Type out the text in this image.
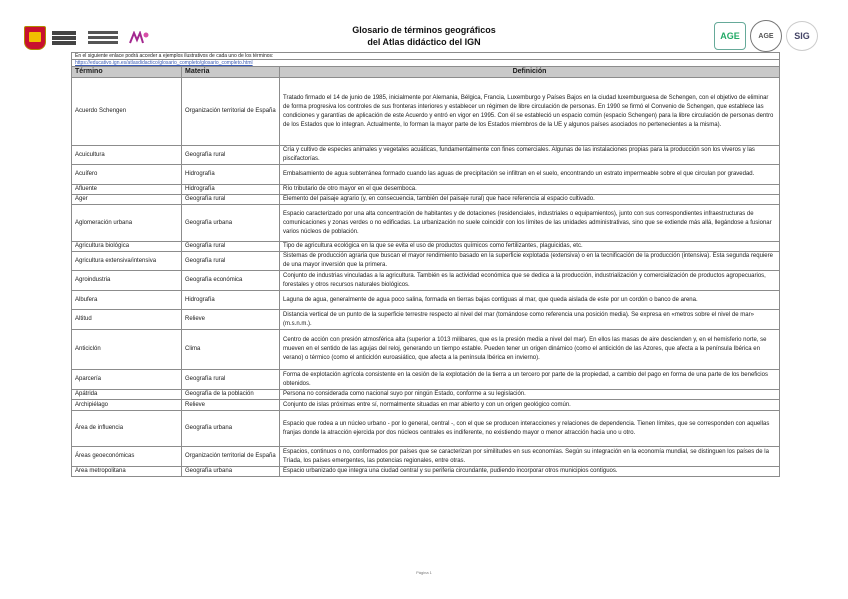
Glosario de términos geográficos
del Atlas didáctico del IGN
AGE	AGE	SIG
En el siguiente enlace podrá acceder a ejemplos ilustrativos de cada uno de los términos:		
https://educativo.ign.es/atlasdidactico/glosario_completo/glosario_completo.html		
Término	Materia	Definición
Acuerdo Schengen	Organización territorial de España	Tratado firmado el 14 de junio de 1985, inicialmente por Alemania, Bélgica, Francia, Luxemburgo y Países Bajos en la ciudad luxemburguesa de Schengen, con el objetivo de eliminar de forma progresiva los controles de sus fronteras interiores y establecer un régimen de libre circulación de personas. En 1990 se firmó el Convenio de Schengen, que establece las condiciones y garantías de aplicación de este Acuerdo y entró en vigor en 1995. Con él se estableció un espacio común (espacio Schengen) para la libre circulación de personas dentro de los Estados que lo integran. Actualmente, lo forman la mayor parte de los Estados miembros de la UE y algunos países asociados no pertenecientes a la misma).
Acuicultura	Geografía rural	Cría y cultivo de especies animales y vegetales acuáticas, fundamentalmente con fines comerciales. Algunas de las instalaciones propias para la producción son los viveros y las piscifactorías.
Acuífero	Hidrografía	Embalsamiento de agua subterránea formado cuando las aguas de precipitación se infiltran en el suelo, encontrando un estrato impermeable sobre el que circulan por gravedad.
Afluente	Hidrografía	Río tributario de otro mayor en el que desemboca.
Ager	Geografía rural	Elemento del paisaje agrario (y, en consecuencia, también del paisaje rural) que hace referencia al espacio cultivado.
Aglomeración urbana	Geografía urbana	Espacio caracterizado por una alta concentración de habitantes y de dotaciones (residenciales, industriales o equipamientos), junto con sus correspondientes infraestructuras de comunicaciones y zonas verdes o no edificadas. La urbanización no suele coincidir con los límites de las unidades administrativas, sino que se extiende más allá, llegándose a fusionar varios núcleos de población.
Agricultura biológica	Geografía rural	Tipo de agricultura ecológica en la que se evita el uso de productos químicos como fertilizantes, plaguicidas, etc.
Agricultura extensiva/intensiva	Geografía rural	Sistemas de producción agraria que buscan el mayor rendimiento basado en la superficie explotada (extensiva) o en la tecnificación de la producción (intensiva). Esta segunda requiere de una mayor inversión que la primera.
Agroindustria	Geografía económica	Conjunto de industrias vinculadas a la agricultura. También es la actividad económica que se dedica a la producción, industrialización y comercialización de productos agropecuarios, forestales y otros recursos naturales biológicos.
Albufera	Hidrografía	Laguna de agua, generalmente de agua poco salina, formada en tierras bajas contiguas al mar, que queda aislada de este por un cordón o banco de arena.
Altitud	Relieve	Distancia vertical de un punto de la superficie terrestre respecto al nivel del mar (tomándose como referencia una posición media). Se expresa en «metros sobre el nivel de mar» (m.s.n.m.).
Anticiclón	Clima	Centro de acción con presión atmosférica alta (superior a 1013 milibares, que es la presión media a nivel del mar). En ellos las masas de aire descienden y, en el hemisferio norte, se mueven en el sentido de las agujas del reloj, generando un tiempo estable. Pueden tener un origen dinámico (como el anticiclón de las Azores, que afecta a la península Ibérica en verano) o térmico (como el anticiclón euroasiático, que afecta a la península Ibérica en invierno).
Aparcería	Geografía rural	Forma de explotación agrícola consistente en la cesión de la explotación de la tierra a un tercero por parte de la propiedad, a cambio del pago en forma de una parte de los beneficios obtenidos.
Apátrida	Geografía de la población	Persona no considerada como nacional suyo por ningún Estado, conforme a su legislación.
Archipiélago	Relieve	Conjunto de islas próximas entre sí, normalmente situadas en mar abierto y con un origen geológico común.
Área de influencia	Geografía urbana	Espacio que rodea a un núcleo urbano - por lo general, central -, con el que se producen interacciones y relaciones de dependencia. Tienen límites, que se corresponden con aquellas franjas donde la atracción ejercida por dos núcleos centrales es indiferente, no existiendo mayor o menor atracción hacia uno u otro.
Áreas geoeconómicas	Organización territorial de España	Espacios, continuos o no, conformados por países que se caracterizan por similitudes en sus economías. Según su integración en la economía mundial, se distinguen los países de la Tríada, los países emergentes, las potencias regionales, entre otras.
Área metropolitana	Geografía urbana	Espacio urbanizado que integra una ciudad central y su periferia circundante, pudiendo incorporar otros municipios contiguos.
Página 1
